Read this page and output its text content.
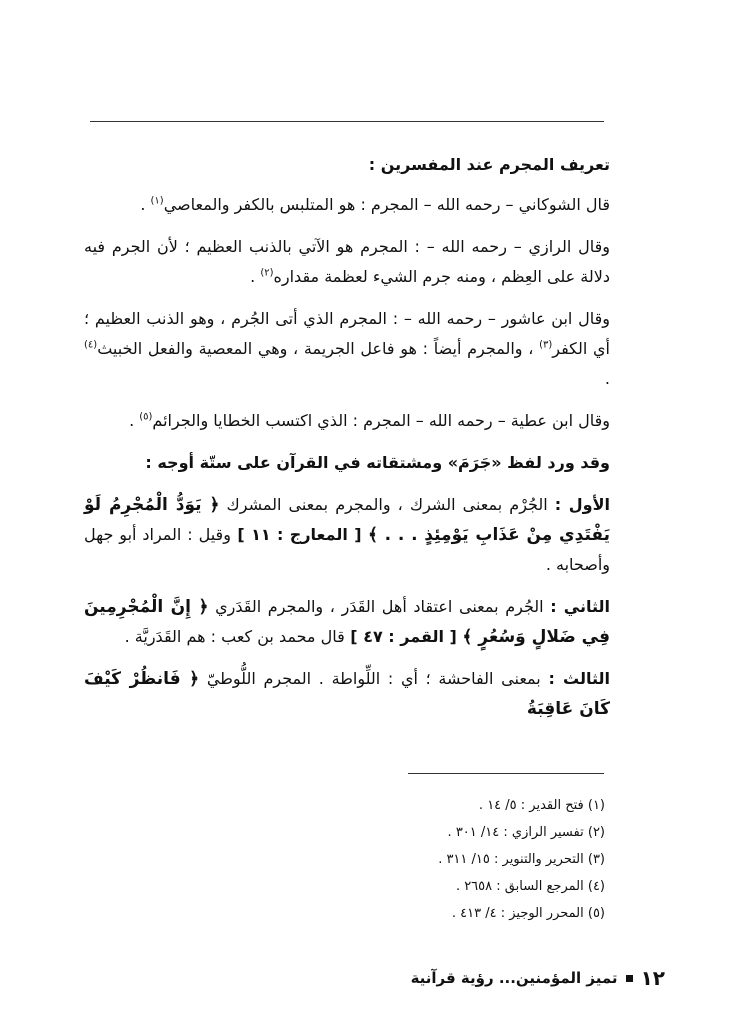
تعريف المجرم عند المفسرين :
قال الشوكاني – رحمه الله – المجرم : هو المتلبس بالكفر والمعاصي$^{(١)}$ .
وقال الرازي – رحمه الله – : المجرم هو الآتي بالذنب العظيم ؛ لأن الجرم فيه دلالة على العِظم ، ومنه جرم الشيء لعظمة مقداره$^{(٢)}$ .
وقال ابن عاشور – رحمه الله – : المجرم الذي أتى الجُرم ، وهو الذنب العظيم ؛ أي الكفر$^{(٣)}$ ، والمجرم أيضاً : هو فاعل الجريمة ، وهي المعصية والفعل الخبيث$^{(٤)}$ .
وقال ابن عطية – رحمه الله – المجرم : الذي اكتسب الخطايا والجرائم$^{(٥)}$ .
وقد ورد لفظ «جَرَمَ» ومشتقاته في القرآن على ستّة أوجه :
الأول : الجُرْم بمعنى الشرك ، والمجرم بمعنى المشرك ﴿ يَوَدُّ الْمُجْرِمُ لَوْ يَفْتَدِي مِنْ عَذَابِ يَوْمِئِذٍ . . . ﴾ [ المعارج : ١١ ] وقيل : المراد أبو جهل وأصحابه .
الثاني : الجُرم بمعنى اعتقاد أهل القَدَر ، والمجرم القَدَري ﴿ إِنَّ الْمُجْرِمِينَ فِي ضَلالٍ وَسُعُرٍ ﴾ [ القمر : ٤٧ ] قال محمد بن كعب : هم القَدَريَّة .
الثالث : بمعنى الفاحشة ؛ أي : اللِّواطة . المجرم اللُّوطيّ ﴿ فَانظُرْ كَيْفَ كَانَ عَاقِبَةُ
(١) فتح القدير : ٥/ ١٤ .
(٢) تفسير الرازي : ١٤/ ٣٠١ .
(٣) التحرير والتنوير : ١٥/ ٣١١ .
(٤) المرجع السابق : ٢٦٥٨ .
(٥) المحرر الوجيز : ٤/ ٤١٣ .
١٢
تميز المؤمنين... رؤية قرآنية
